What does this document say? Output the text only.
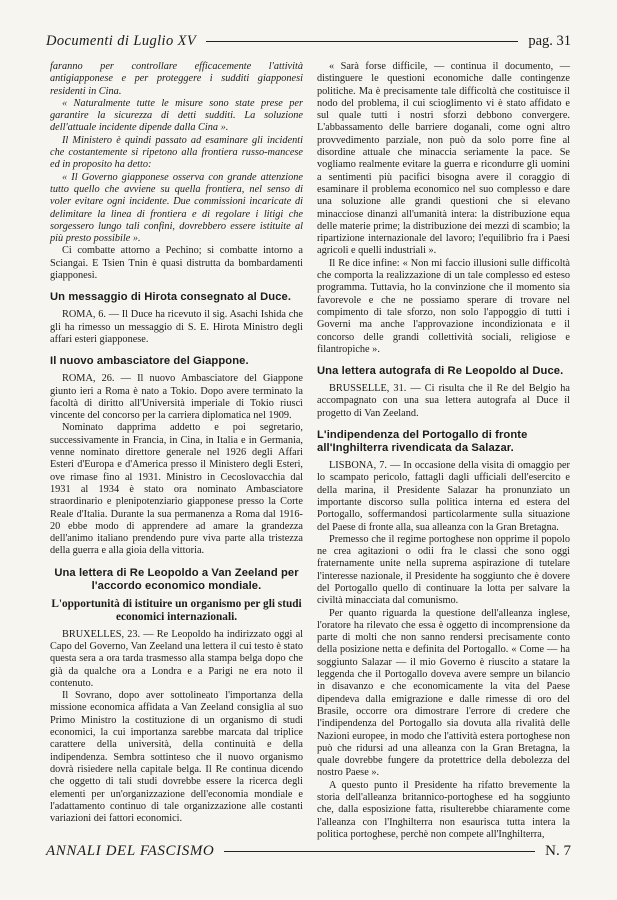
Documenti di Luglio XV	pag. 31

faranno per controllare efficacemente l'attività antigiapponese e per proteggere i sudditi giapponesi residenti in Cina.

« Naturalmente tutte le misure sono state prese per garantire la sicurezza di detti sudditi. La soluzione dell'attuale incidente dipende dalla Cina ».

Il Ministero è quindi passato ad esaminare gli incidenti che costantemente si ripetono alla frontiera russo-mancese ed in proposito ha detto:

« Il Governo giapponese osserva con grande attenzione tutto quello che avviene su quella frontiera, nel senso di voler evitare ogni incidente. Due commissioni incaricate di delimitare la linea di frontiera e di regolare i litigi che sorgessero lungo tali confini, dovrebbero essere istituite al più presto possibile ».

Ci combatte attorno a Pechino; si combatte intorno a Sciangai. E Tsien Tnin è quasi distrutta da bombardamenti giapponesi.

Un messaggio di Hirota consegnato al Duce.

ROMA, 6. — Il Duce ha ricevuto il sig. Asachi Ishida che gli ha rimesso un messaggio di S. E. Hirota Ministro degli affari esteri giapponese.

Il nuovo ambasciatore del Giappone.

ROMA, 26. — Il nuovo Ambasciatore del Giappone giunto ieri a Roma è nato a Tokio. Dopo avere terminato la facoltà di diritto all'Università imperiale di Tokio riuscì vincente del concorso per la carriera diplomatica nel 1909.

Nominato dapprima addetto e poi segretario, successivamente in Francia, in Cina, in Italia e in Germania, venne nominato direttore generale nel 1926 degli Affari Esteri d'Europa e d'America presso il Ministero degli Esteri, ove rimase fino al 1931. Ministro in Cecoslovacchia dal 1931 al 1934 è stato ora nominato Ambasciatore straordinario e plenipotenziario giapponese presso la Corte Reale d'Italia. Durante la sua permanenza a Roma dal 1916-20 ebbe modo di apprendere ad amare la grandezza dell'animo italiano prendendo pure viva parte alla tristezza della guerra e alla gioia della vittoria.

Una lettera di Re Leopoldo a Van Zeeland per l'accordo economico mondiale.
L'opportunità di istituire un organismo per gli studi economici internazionali.

BRUXELLES, 23. — Re Leopoldo ha indirizzato oggi al Capo del Governo, Van Zeeland una lettera il cui testo è stato questa sera a ora tarda trasmesso alla stampa belga dopo che già da qualche ora a Londra e a Parigi ne era noto il contenuto.

Il Sovrano, dopo aver sottolineato l'importanza della missione economica affidata a Van Zeeland consiglia al suo Primo Ministro la costituzione di un organismo di studi economici, la cui importanza sarebbe marcata dal triplice carattere della università, della continuità e della indipendenza. Sembra sottinteso che il nuovo organismo dovrà risiedere nella capitale belga. Il Re continua dicendo che oggetto di tali studi dovrebbe essere la ricerca degli elementi per un'organizzazione dell'economia mondiale e l'adattamento continuo di tale organizzazione alle costanti variazioni dei fattori economici.

« Sarà forse difficile, — continua il documento, — distinguere le questioni economiche dalle contingenze politiche. Ma è precisamente tale difficoltà che costituisce il nodo del problema, il cui scioglimento vi è stato affidato e sul quale tutti i nostri sforzi debbono convergere. L'abbassamento delle barriere doganali, come ogni altro provvedimento parziale, non può da solo porre fine al disordine attuale che minaccia seriamente la pace. Se vogliamo realmente evitare la guerra e ricondurre gli uomini a sentimenti più pacifici bisogna avere il coraggio di esaminare il problema economico nel suo complesso e dare una soluzione alle grandi questioni che si elevano minacciose dinanzi all'umanità intera: la distribuzione equa delle materie prime; la distribuzione dei mezzi di scambio; la ripartizione internazionale del lavoro; l'equilibrio fra i Paesi agricoli e quelli industriali ».

Il Re dice infine: « Non mi faccio illusioni sulle difficoltà che comporta la realizzazione di un tale complesso ed esteso programma. Tuttavia, ho la convinzione che il momento sia favorevole e che ne possiamo sperare di trovare nel compimento di tale sforzo, non solo l'appoggio di tutti i Governi ma anche l'approvazione incondizionata e il concorso delle grandi collettività sociali, religiose e filantropiche ».

Una lettera autografa di Re Leopoldo al Duce.

BRUSSELLE, 31. — Ci risulta che il Re del Belgio ha accompagnato con una sua lettera autografa al Duce il progetto di Van Zeeland.

L'indipendenza del Portogallo di fronte all'Inghilterra rivendicata da Salazar.

LISBONA, 7. — In occasione della visita di omaggio per lo scampato pericolo, fattagli dagli ufficiali dell'esercito e della marina, il Presidente Salazar ha pronunziato un importante discorso sulla politica interna ed estera del Portogallo, soffermandosi particolarmente sulla situazione del Paese di fronte alla, sua alleanza con la Gran Bretagna.

Premesso che il regime portoghese non opprime il popolo ne crea agitazioni o odii fra le classi che sono oggi fraternamente unite nella suprema aspirazione di tutelare l'interesse nazionale, il Presidente ha soggiunto che è dovere del Portogallo quello di continuare la lotta per salvare la civiltà minacciata dal comunismo.

Per quanto riguarda la questione dell'alleanza inglese, l'oratore ha rilevato che essa è oggetto di incomprensione da parte di molti che non sanno rendersi precisamente conto della posizione netta e definita del Portogallo. « Come — ha soggiunto Salazar — il mio Governo è riuscito a statare la leggenda che il Portogallo doveva avere sempre un bilancio in disavanzo e che economicamente la vita del Paese dipendeva dalla emigrazione e dalle rimesse di oro del Brasile, occorre ora dimostrare l'errore di credere che l'indipendenza del Portogallo sia dovuta alla rivalità delle Nazioni europee, in modo che l'attività estera portoghese non può che ridursi ad una alleanza con la Gran Bretagna, la quale dovrebbe fungere da protettrice della debolezza del nostro Paese ».

A questo punto il Presidente ha rifatto brevemente la storia dell'alleanza britannico-portoghese ed ha soggiunto che, dalla esposizione fatta, risulterebbe chiaramente come l'alleanza con l'Inghilterra non esaurisca tutta intera la politica portoghese, perchè non compete all'Inghilterra,

ANNALI DEL FASCISMO	N. 7
